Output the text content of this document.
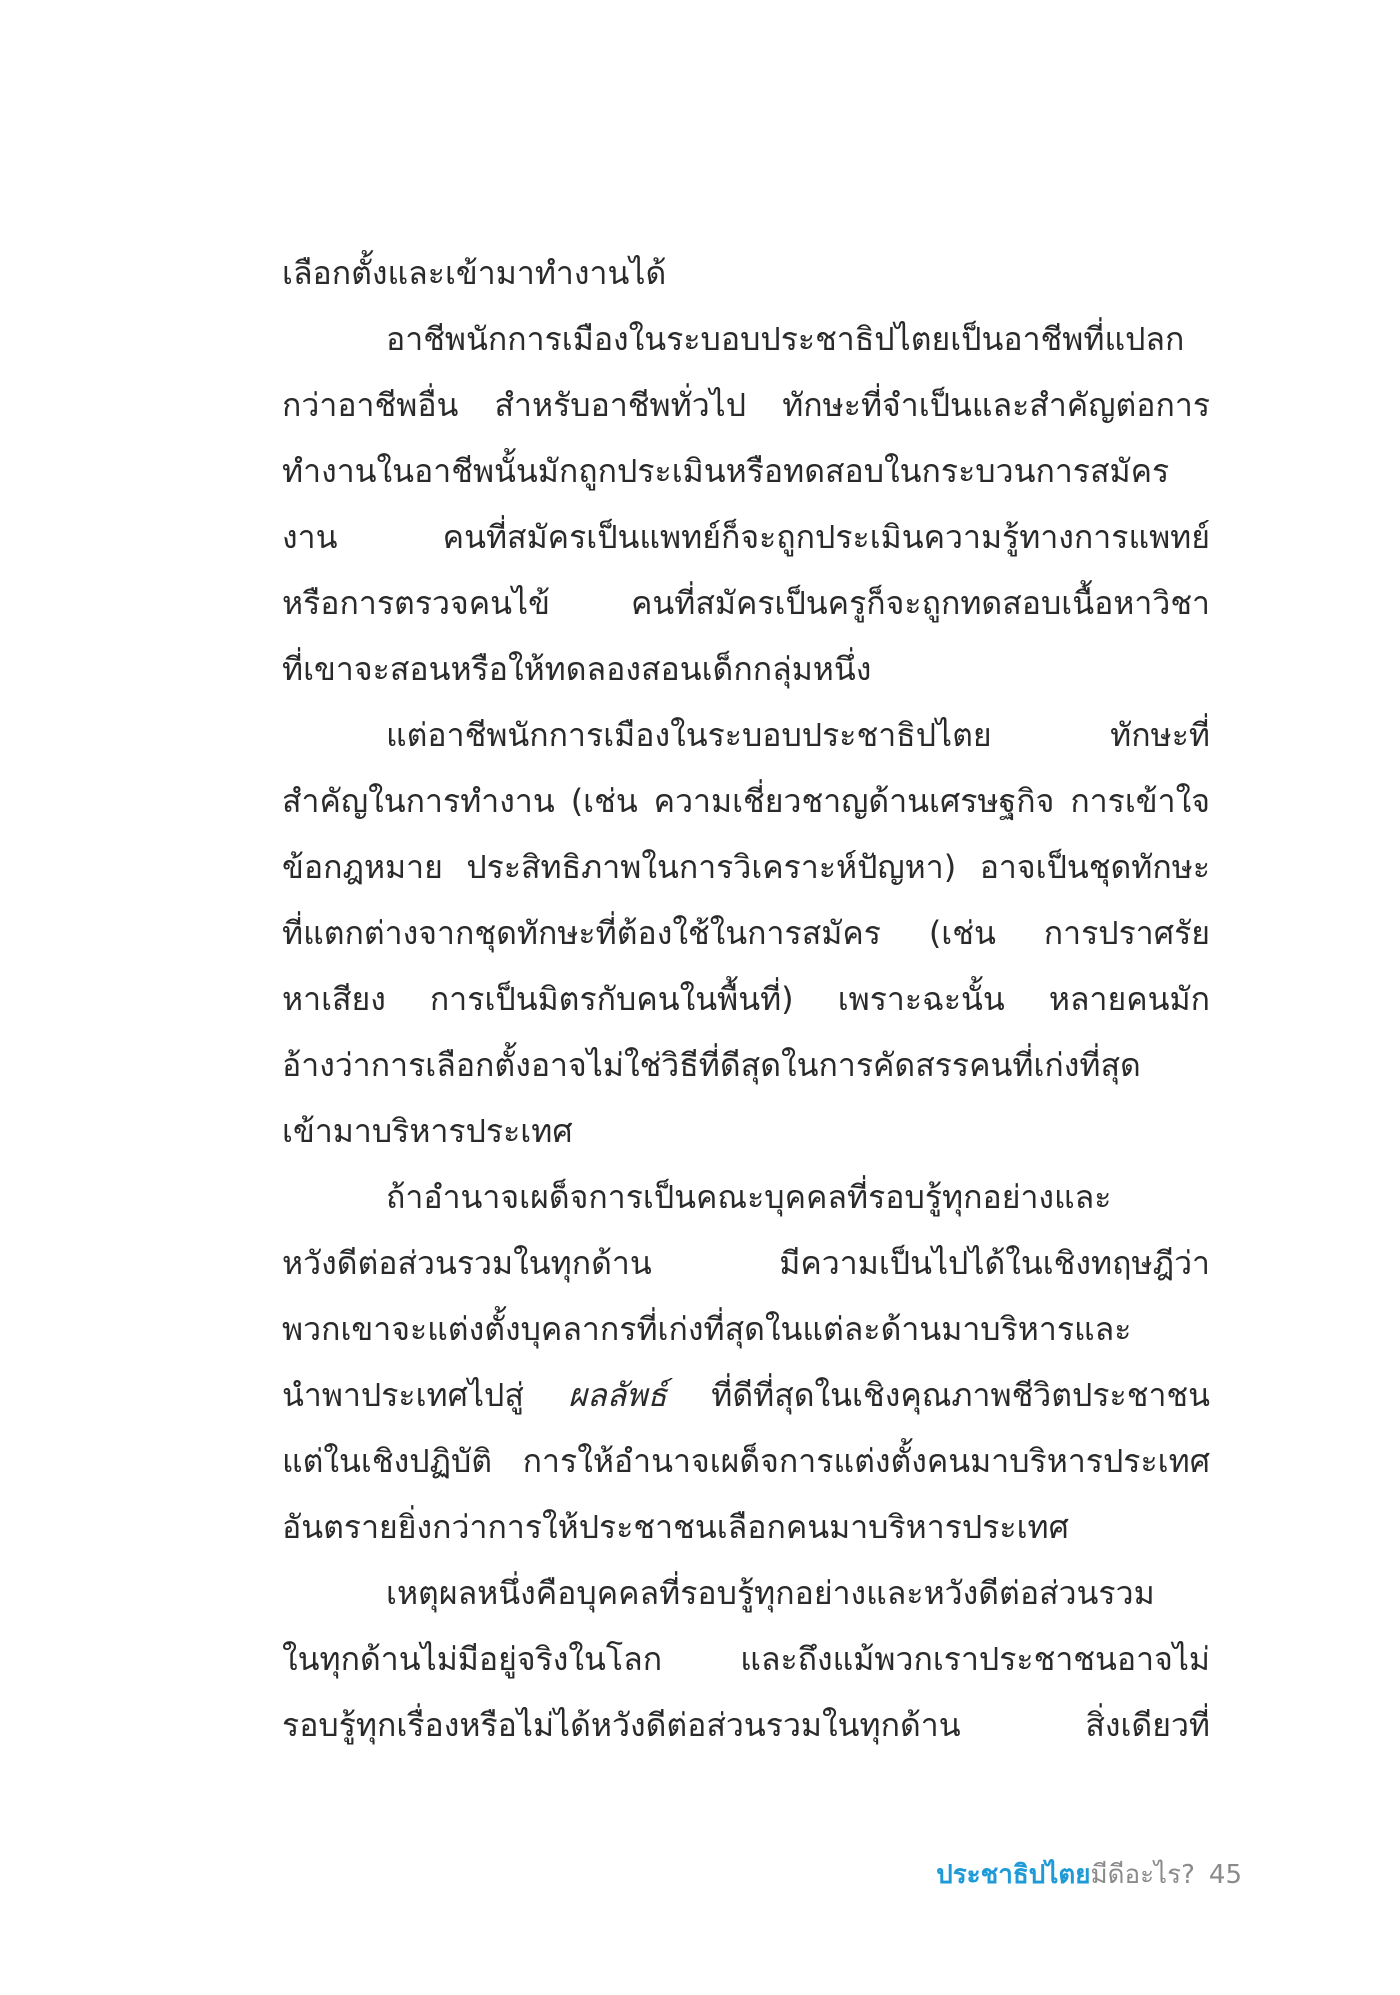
เลือกตั้งและเข้ามาทำงานได้
อาชีพนักการเมืองในระบอบประชาธิปไตยเป็นอาชีพที่แปลก
กว่าอาชีพอื่น สำหรับอาชีพทั่วไป ทักษะที่จำเป็นและสำคัญต่อการ
ทำงานในอาชีพนั้นมักถูกประเมินหรือทดสอบในกระบวนการสมัคร
งาน คนที่สมัครเป็นแพทย์ก็จะถูกประเมินความรู้ทางการแพทย์
หรือการตรวจคนไข้ คนที่สมัครเป็นครูก็จะถูกทดสอบเนื้อหาวิชา
ที่เขาจะสอนหรือให้ทดลองสอนเด็กกลุ่มหนึ่ง
แต่อาชีพนักการเมืองในระบอบประชาธิปไตย ทักษะที่
สำคัญในการทำงาน (เช่น ความเชี่ยวชาญด้านเศรษฐกิจ การเข้าใจ
ข้อกฎหมาย ประสิทธิภาพในการวิเคราะห์ปัญหา) อาจเป็นชุดทักษะ
ที่แตกต่างจากชุดทักษะที่ต้องใช้ในการสมัคร (เช่น การปราศรัย
หาเสียง การเป็นมิตรกับคนในพื้นที่) เพราะฉะนั้น หลายคนมัก
อ้างว่าการเลือกตั้งอาจไม่ใช่วิธีที่ดีสุดในการคัดสรรคนที่เก่งที่สุด
เข้ามาบริหารประเทศ
ถ้าอำนาจเผด็จการเป็นคณะบุคคลที่รอบรู้ทุกอย่างและ
หวังดีต่อส่วนรวมในทุกด้าน มีความเป็นไปได้ในเชิงทฤษฎีว่า
พวกเขาจะแต่งตั้งบุคลากรที่เก่งที่สุดในแต่ละด้านมาบริหารและ
นำพาประเทศไปสู่ ผลลัพธ์ ที่ดีที่สุดในเชิงคุณภาพชีวิตประชาชน
แต่ในเชิงปฏิบัติ การให้อำนาจเผด็จการแต่งตั้งคนมาบริหารประเทศ
อันตรายยิ่งกว่าการให้ประชาชนเลือกคนมาบริหารประเทศ
เหตุผลหนึ่งคือบุคคลที่รอบรู้ทุกอย่างและหวังดีต่อส่วนรวม
ในทุกด้านไม่มีอยู่จริงในโลก และถึงแม้พวกเราประชาชนอาจไม่
รอบรู้ทุกเรื่องหรือไม่ได้หวังดีต่อส่วนรวมในทุกด้าน สิ่งเดียวที่
ประชาธิปไตยมีดีอะไร? 45
